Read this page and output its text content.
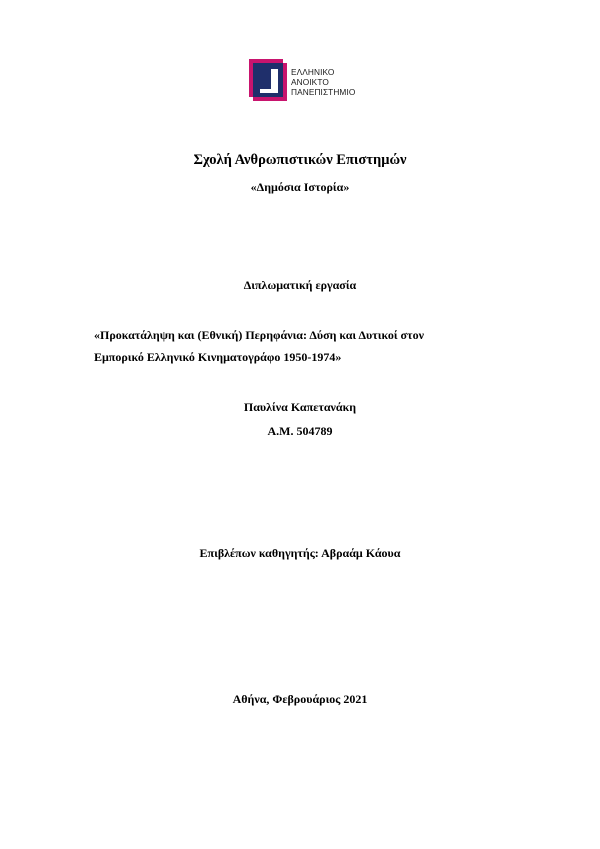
ΕΛΛΗΝΙΚΟ
ΑΝΟΙΚΤΟ
ΠΑΝΕΠΙΣΤΗΜΙΟ
Σχολή Ανθρωπιστικών Επιστημών
«Δημόσια Ιστορία»
Διπλωματική εργασία
«Προκατάληψη και (Εθνική) Περηφάνια: Δύση και Δυτικοί στον
Εμπορικό Ελληνικό Κινηματογράφο 1950-1974»
Παυλίνα Καπετανάκη
Α.Μ. 504789
Επιβλέπων καθηγητής: Αβραάμ Κάουα
Αθήνα, Φεβρουάριος 2021
